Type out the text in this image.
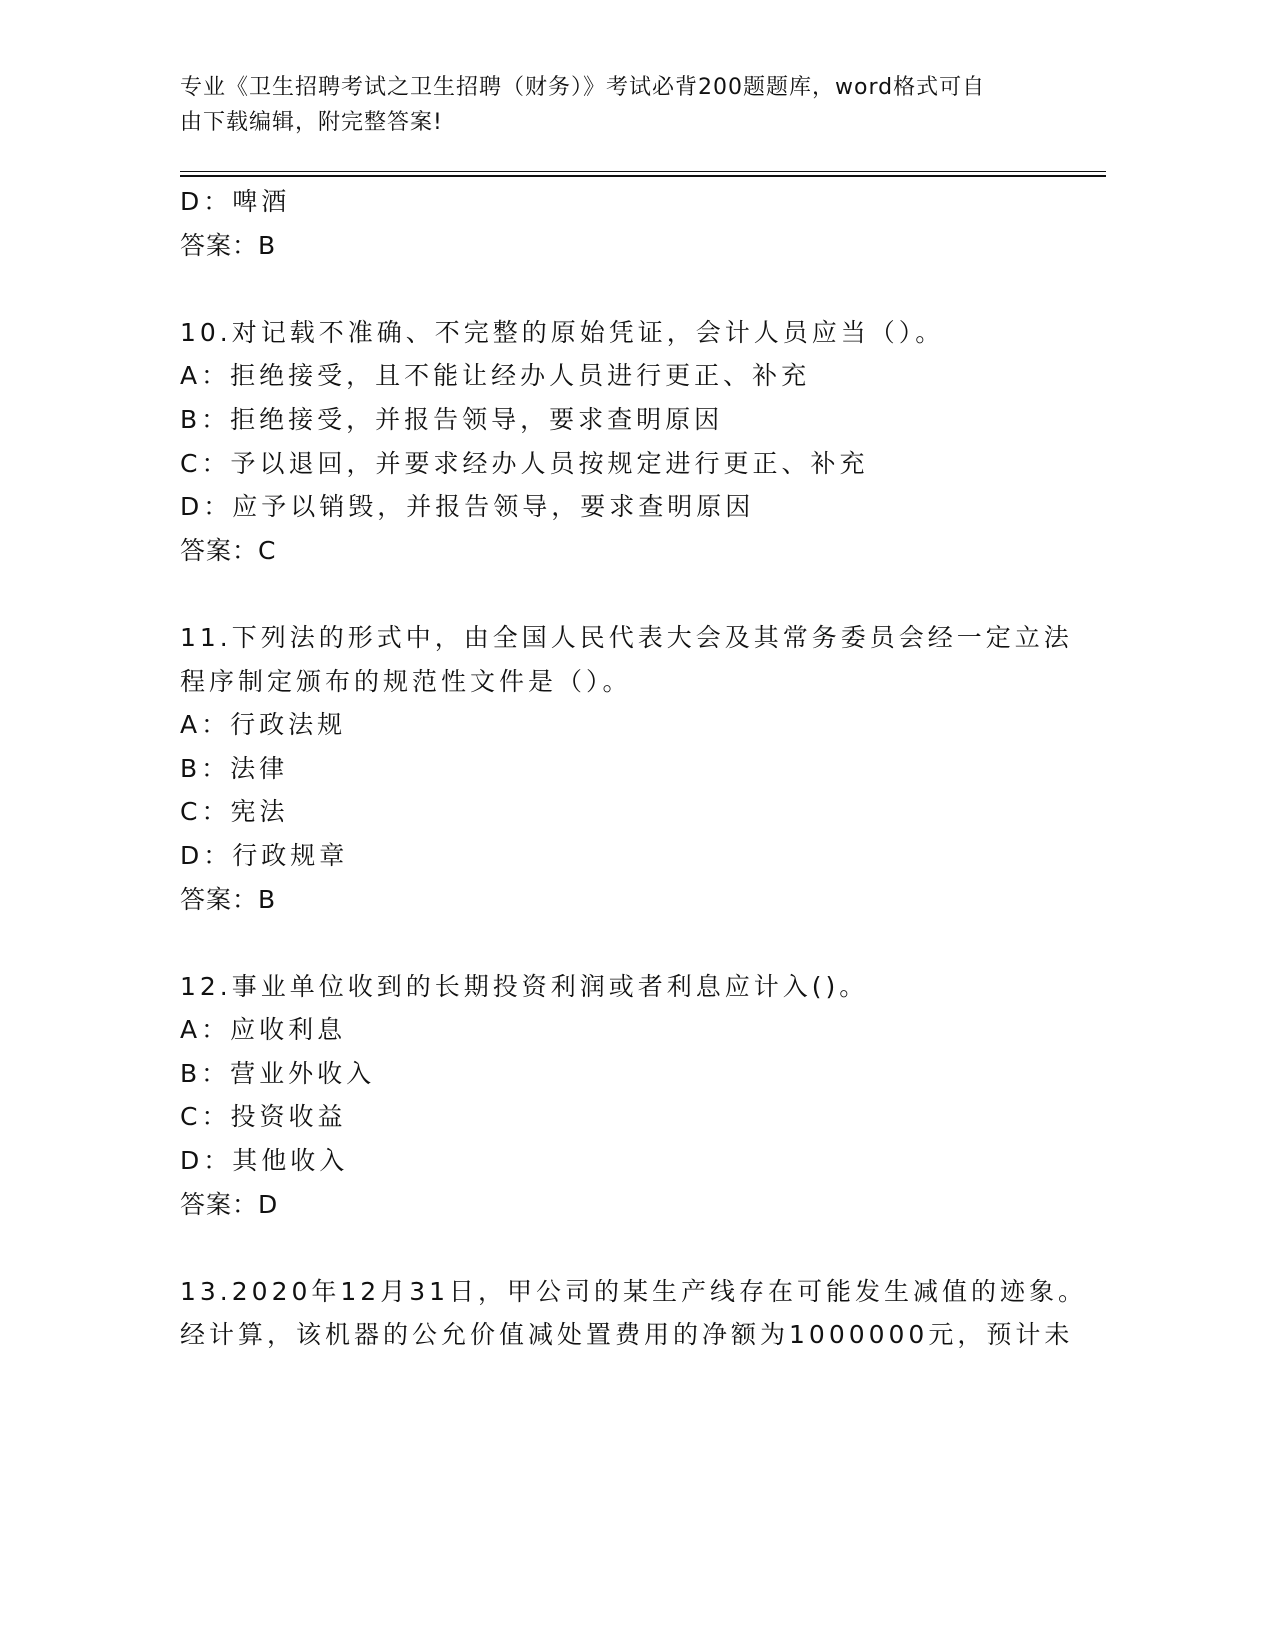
专业《卫生招聘考试之卫生招聘（财务）》考试必背200题题库，word格式可自
由下载编辑，附完整答案!
D：啤酒
答案：B
10.对记载不准确、不完整的原始凭证，会计人员应当（）。
A：拒绝接受，且不能让经办人员进行更正、补充
B：拒绝接受，并报告领导，要求查明原因
C：予以退回，并要求经办人员按规定进行更正、补充
D：应予以销毁，并报告领导，要求查明原因
答案：C
11.下列法的形式中，由全国人民代表大会及其常务委员会经一定立法
程序制定颁布的规范性文件是（）。
A：行政法规
B：法律
C：宪法
D：行政规章
答案：B
12.事业单位收到的长期投资利润或者利息应计入()。
A：应收利息
B：营业外收入
C：投资收益
D：其他收入
答案：D
13.2020年12月31日，甲公司的某生产线存在可能发生减值的迹象。
经计算，该机器的公允价值减处置费用的净额为1000000元，预计未
